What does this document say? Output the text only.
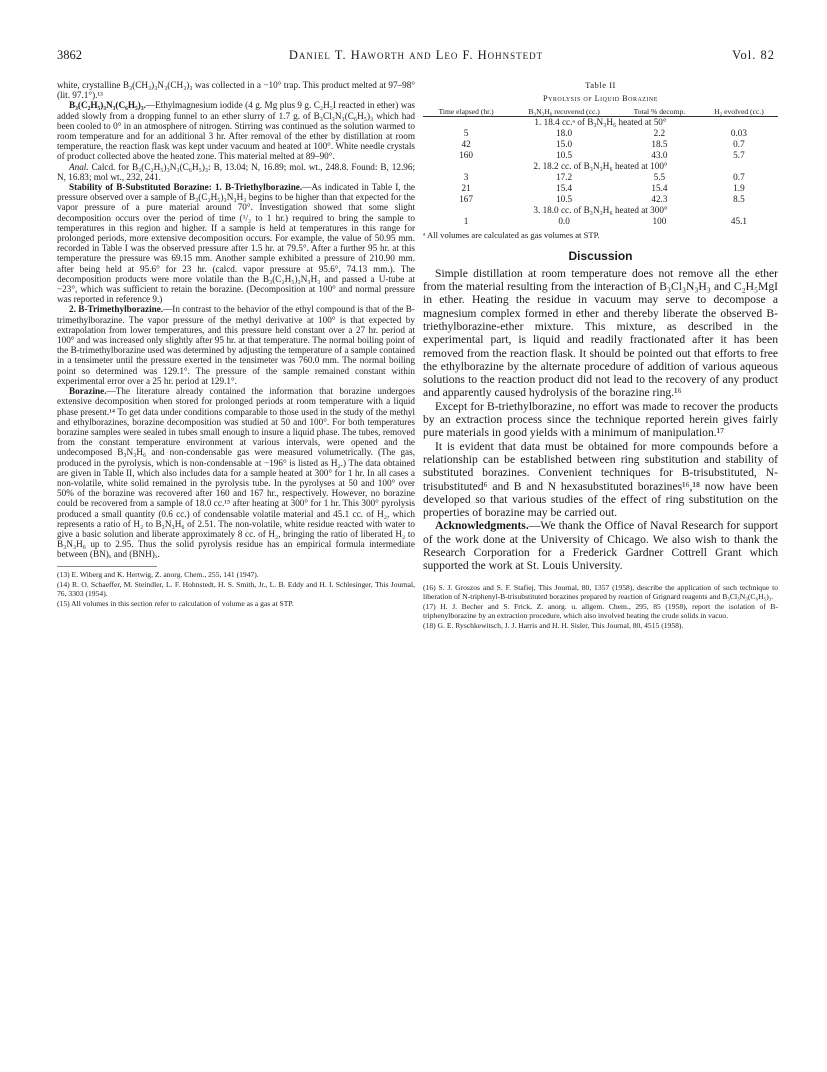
3862	Daniel T. Haworth and Leo F. Hohnstedt	Vol. 82

white, crystalline B₃(CH₃)₃N₃(CH₃)₃ was collected in a −10° trap. This product melted at 97–98° (lit. 97.1°).¹³

B₃(C₂H₅)₃N₃(C₆H₅)₃.—Ethylmagnesium iodide (4 g. Mg plus 9 g. C₂H₅I reacted in ether) was added slowly from a dropping funnel to an ether slurry of 1.7 g. of B₃Cl₃N₃(C₆H₅)₃ which had been cooled to 0° in an atmosphere of nitrogen. Stirring was continued as the solution warmed to room temperature and for an additional 3 hr. After removal of the ether by distillation at room temperature, the reaction flask was kept under vacuum and heated at 100°. White needle crystals of product collected above the heated zone. This material melted at 89–90°.

Anal. Calcd. for B₃(C₂H₅)₃N₃(C₆H₅)₃: B, 13.04; N, 16.89; mol. wt., 248.8. Found: B, 12.96; N, 16.83; mol wt., 232, 241.

Stability of B-Substituted Borazine: 1. B-Triethylborazine.—As indicated in Table I, the pressure observed over a sample of B₃(C₂H₅)₃N₃H₃ begins to be higher than that expected for the vapor pressure of a pure material around 70°. Investigation showed that some slight decomposition occurs over the period of time (¹/₂ to 1 hr.) required to bring the sample to temperatures in this region and higher. If a sample is held at temperatures in this range for prolonged periods, more extensive decomposition occurs. For example, the value of 50.95 mm. recorded in Table I was the observed pressure after 1.5 hr. at 79.5°. After a further 95 hr. at this temperature the pressure was 69.15 mm. Another sample exhibited a pressure of 210.90 mm. after being held at 95.6° for 23 hr. (calcd. vapor pressure at 95.6°, 74.13 mm.). The decomposition products were more volatile than the B₃(C₂H₅)₃N₃H₃ and passed a U-tube at −23°, which was sufficient to retain the borazine. (Decomposition at 100° and normal pressure was reported in reference 9.)

2. B-Trimethylborazine.—In contrast to the behavior of the ethyl compound is that of the B-trimethylborazine. The vapor pressure of the methyl derivative at 100° is that expected by extrapolation from lower temperatures, and this pressure held constant over a 27 hr. period at 100° and was increased only slightly after 95 hr. at that temperature. The normal boiling point of the B-trimethylborazine used was determined by adjusting the temperature of a sample contained in a tensimeter until the pressure exerted in the tensimeter was 760.0 mm. The normal boiling point so determined was 129.1°. The pressure of the sample remained constant within experimental error over a 25 hr. period at 129.1°.

Borazine.—The literature already contained the information that borazine undergoes extensive decomposition when stored for prolonged periods at room temperature with a liquid phase present.¹⁴ To get data under conditions comparable to those used in the study of the methyl and ethylborazines, borazine decomposition was studied at 50 and 100°. For both temperatures borazine samples were sealed in tubes small enough to insure a liquid phase. The tubes, removed from the constant temperature environment at various intervals, were opened and the undecomposed B₃N₃H₆ and non-condensable gas were measured volumetrically. (The gas, produced in the pyrolysis, which is non-condensable at −196° is listed as H₂.) The data obtained are given in Table II, which also includes data for a sample heated at 300° for 1 hr. In all cases a non-volatile, white solid remained in the pyrolysis tube. In the pyrolyses at 50 and 100° over 50% of the borazine was recovered after 160 and 167 hr., respectively. However, no borazine could be recovered from a sample of 18.0 cc.¹⁵ after heating at 300° for 1 hr. This 300° pyrolysis produced a small quantity (0.6 cc.) of condensable volatile material and 45.1 cc. of H₂, which represents a ratio of H₂ to B₃N₃H₆ of 2.51. The non-volatile, white residue reacted with water to give a basic solution and liberate approximately 8 cc. of H₂, bringing the ratio of liberated H₂ to B₃N₃H₆ up to 2.95. Thus the solid pyrolysis residue has an empirical formula intermediate between (BN)ₓ and (BNH)ₓ.

(13) E. Wiberg and K. Hertwig, Z. anorg. Chem., 255, 141 (1947).

(14) R. O. Schaeffer, M. Steindler, L. F. Hohnstedt, H. S. Smith, Jr., L. B. Eddy and H. I. Schlesinger, This Journal, 76, 3303 (1954).

(15) All volumes in this section refer to calculation of volume as a gas at STP.

Table II
Pyrolysis of Liquid Borazine
Time elapsed (hr.)	B₃N₃H₆ recovered (cc.)	Total % decomp.	H₂ evolved (cc.)
1. 18.4 cc.ᵃ of B₃N₃H₆ heated at 50°			
5	18.0	2.2	0.03
42	15.0	18.5	0.7
160	10.5	43.0	5.7
2. 18.2 cc. of B₃N₃H₆ heated at 100°			
3	17.2	5.5	0.7
21	15.4	15.4	1.9
167	10.5	42.3	8.5
3. 18.0 cc. of B₃N₃H₆ heated at 300°			
1	0.0	100	45.1
ᵃ All volumes are calculated as gas volumes at STP.
Discussion

Simple distillation at room temperature does not remove all the ether from the material resulting from the interaction of B₃Cl₃N₃H₃ and C₂H₅MgI in ether. Heating the residue in vacuum may serve to decompose a magnesium complex formed in ether and thereby liberate the observed B-triethylborazine-ether mixture. This mixture, as described in the experimental part, is liquid and readily fractionated after it has been removed from the reaction flask. It should be pointed out that efforts to free the ethylborazine by the alternate procedure of addition of various aqueous solutions to the reaction product did not lead to the recovery of any product and apparently caused hydrolysis of the borazine ring.¹⁶

Except for B-triethylborazine, no effort was made to recover the products by an extraction process since the technique reported herein gives fairly pure materials in good yields with a minimum of manipulation.¹⁷

It is evident that data must be obtained for more compounds before a relationship can be established between ring substitution and stability of substituted borazines. Convenient techniques for B-trisubstituted, N-trisubstituted⁶ and B and N hexasubstituted borazines¹⁶,¹⁸ now have been developed so that various studies of the effect of ring substitution on the properties of borazine may be carried out.

Acknowledgments.—We thank the Office of Naval Research for support of the work done at the University of Chicago. We also wish to thank the Research Corporation for a Frederick Gardner Cottrell Grant which supported the work at St. Louis University.

(16) S. J. Groszos and S. F. Stafiej, This Journal, 80, 1357 (1958), describe the application of such technique to liberation of N-triphenyl-B-trisubstituted borazines prepared by reaction of Grignard reagents and B₃Cl₃N₃(C₆H₅)₃.

(17) H. J. Becher and S. Frick, Z. anorg. u. allgem. Chem., 295, 85 (1958), report the isolation of B-triphenylborazine by an extraction procedure, which also involved heating the crude solids in vacuo.

(18) G. E. Ryschkewitsch, J. J. Harris and H. H. Sisler, This Journal, 80, 4515 (1958).
